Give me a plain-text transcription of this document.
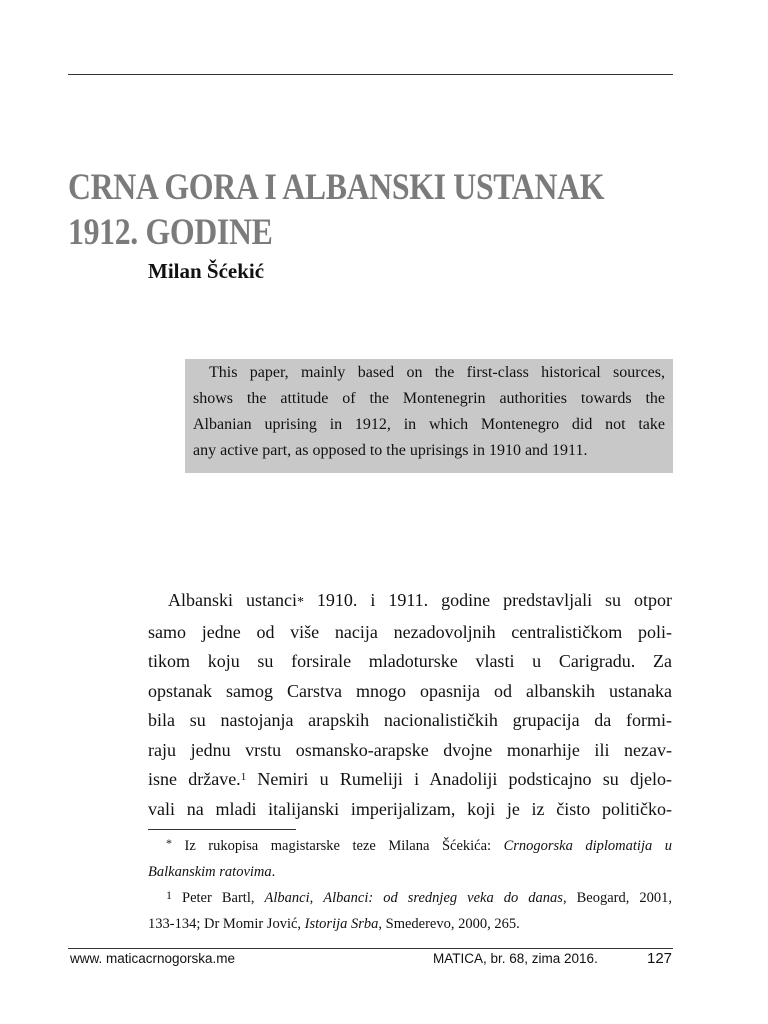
CRNA GORA I ALBANSKI USTANAK
1912. GODINE
Milan Šćekić
This paper, mainly based on the first-class historical sources,
shows the attitude of the Montenegrin authorities towards the
Albanian uprising in 1912, in which Montenegro did not take
any active part, as opposed to the uprisings in 1910 and 1911.
Albanski ustanci* 1910. i 1911. godine predstavljali su otpor
samo jedne od više nacija nezadovoljnih centralističkom poli-
tikom koju su forsirale mladoturske vlasti u Carigradu. Za
opstanak samog Carstva mnogo opasnija od albanskih ustanaka
bila su nastojanja arapskih nacionalističkih grupacija da formi-
raju jednu vrstu osmansko-arapske dvojne monarhije ili nezav-
isne države.$^1$ Nemiri u Rumeliji i Anadoliji podsticajno su djelo-
vali na mladi italijanski imperijalizam, koji je iz čisto političko-
* Iz rukopisa magistarske teze Milana Šćekića: Crnogorska diplomatija u
Balkanskim ratovima.
$^1$ Peter Bartl, Albanci, Albanci: od srednjeg veka do danas, Beogard, 2001,
133-134; Dr Momir Jović, Istorija Srba, Smederevo, 2000, 265.
www. maticacrnogorska.me	MATICA, br. 68, zima 2016.	127
